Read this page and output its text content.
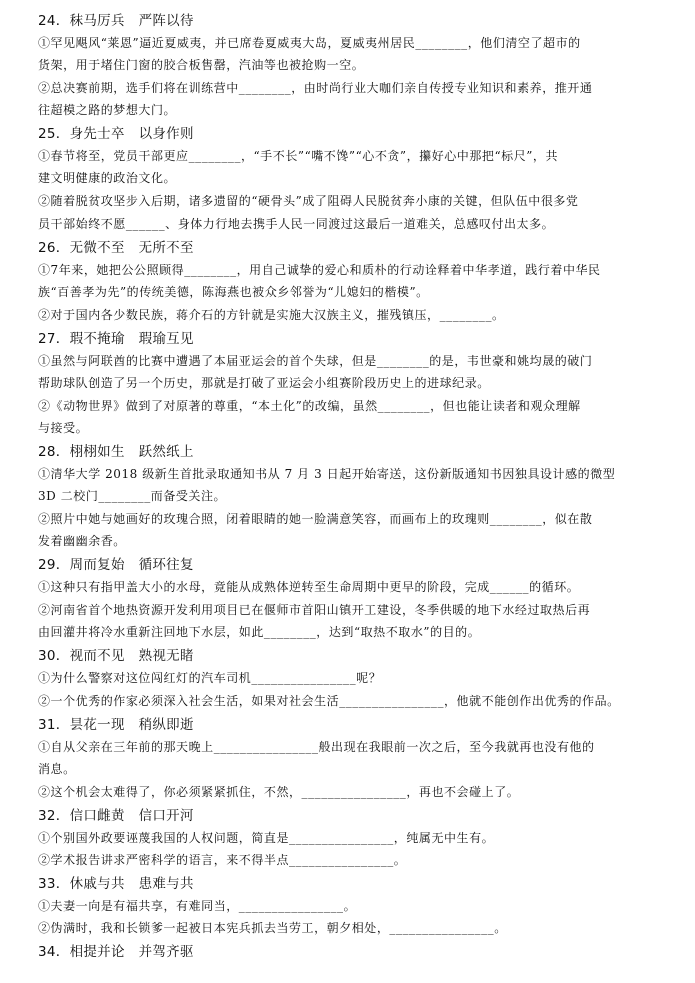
24．秣马厉兵　严阵以待
①罕见飓风“莱恩”逼近夏威夷，并已席卷夏威夷大岛，夏威夷州居民________，他们清空了超市的
货架，用于堵住门窗的胶合板售罄，汽油等也被抢购一空。
②总决赛前期，选手们将在训练营中________，由时尚行业大咖们亲自传授专业知识和素养，推开通
往超模之路的梦想大门。
25．身先士卒　以身作则
①春节将至，党员干部更应________，“手不长”“嘴不馋”“心不贪”，攥好心中那把“标尺”，共
建文明健康的政治文化。
②随着脱贫攻坚步入后期，诸多遗留的“硬骨头”成了阻碍人民脱贫奔小康的关键，但队伍中很多党
员干部始终不愿______、身体力行地去携手人民一同渡过这最后一道难关，总感叹付出太多。
26．无微不至　无所不至
①7年来，她把公公照顾得________，用自己诚挚的爱心和质朴的行动诠释着中华孝道，践行着中华民
族“百善孝为先”的传统美德，陈海燕也被众乡邻誉为“儿媳妇的楷模”。
②对于国内各少数民族，蒋介石的方针就是实施大汉族主义，摧残镇压，________。
27．瑕不掩瑜　瑕瑜互见
①虽然与阿联酋的比赛中遭遇了本届亚运会的首个失球，但是________的是，韦世豪和姚均晟的破门
帮助球队创造了另一个历史，那就是打破了亚运会小组赛阶段历史上的进球纪录。
②《动物世界》做到了对原著的尊重，“本土化”的改编，虽然________，但也能让读者和观众理解
与接受。
28．栩栩如生　跃然纸上
①清华大学 2018 级新生首批录取通知书从 7 月 3 日起开始寄送，这份新版通知书因独具设计感的微型
3D 二校门________而备受关注。
②照片中她与她画好的玫瑰合照，闭着眼睛的她一脸满意笑容，而画布上的玫瑰则________，似在散
发着幽幽余香。
29．周而复始　循环往复
①这种只有指甲盖大小的水母，竟能从成熟体逆转至生命周期中更早的阶段，完成______的循环。
②河南省首个地热资源开发利用项目已在偃师市首阳山镇开工建设，冬季供暖的地下水经过取热后再
由回灌井将冷水重新注回地下水层，如此________，达到“取热不取水”的目的。
30．视而不见　熟视无睹
①为什么警察对这位闯红灯的汽车司机________________呢？
②一个优秀的作家必须深入社会生活，如果对社会生活________________，他就不能创作出优秀的作品。
31．昙花一现　稍纵即逝
①自从父亲在三年前的那天晚上________________般出现在我眼前一次之后，至今我就再也没有他的
消息。
②这个机会太难得了，你必须紧紧抓住，不然，________________，再也不会碰上了。
32．信口雌黄　信口开河
①个别国外政要诬蔑我国的人权问题，简直是________________，纯属无中生有。
②学术报告讲求严密科学的语言，来不得半点________________。
33．休戚与共　患难与共
①夫妻一向是有福共享，有难同当，________________。
②伪满时，我和长锁爹一起被日本宪兵抓去当劳工，朝夕相处，________________。
34．相提并论　并驾齐驱
